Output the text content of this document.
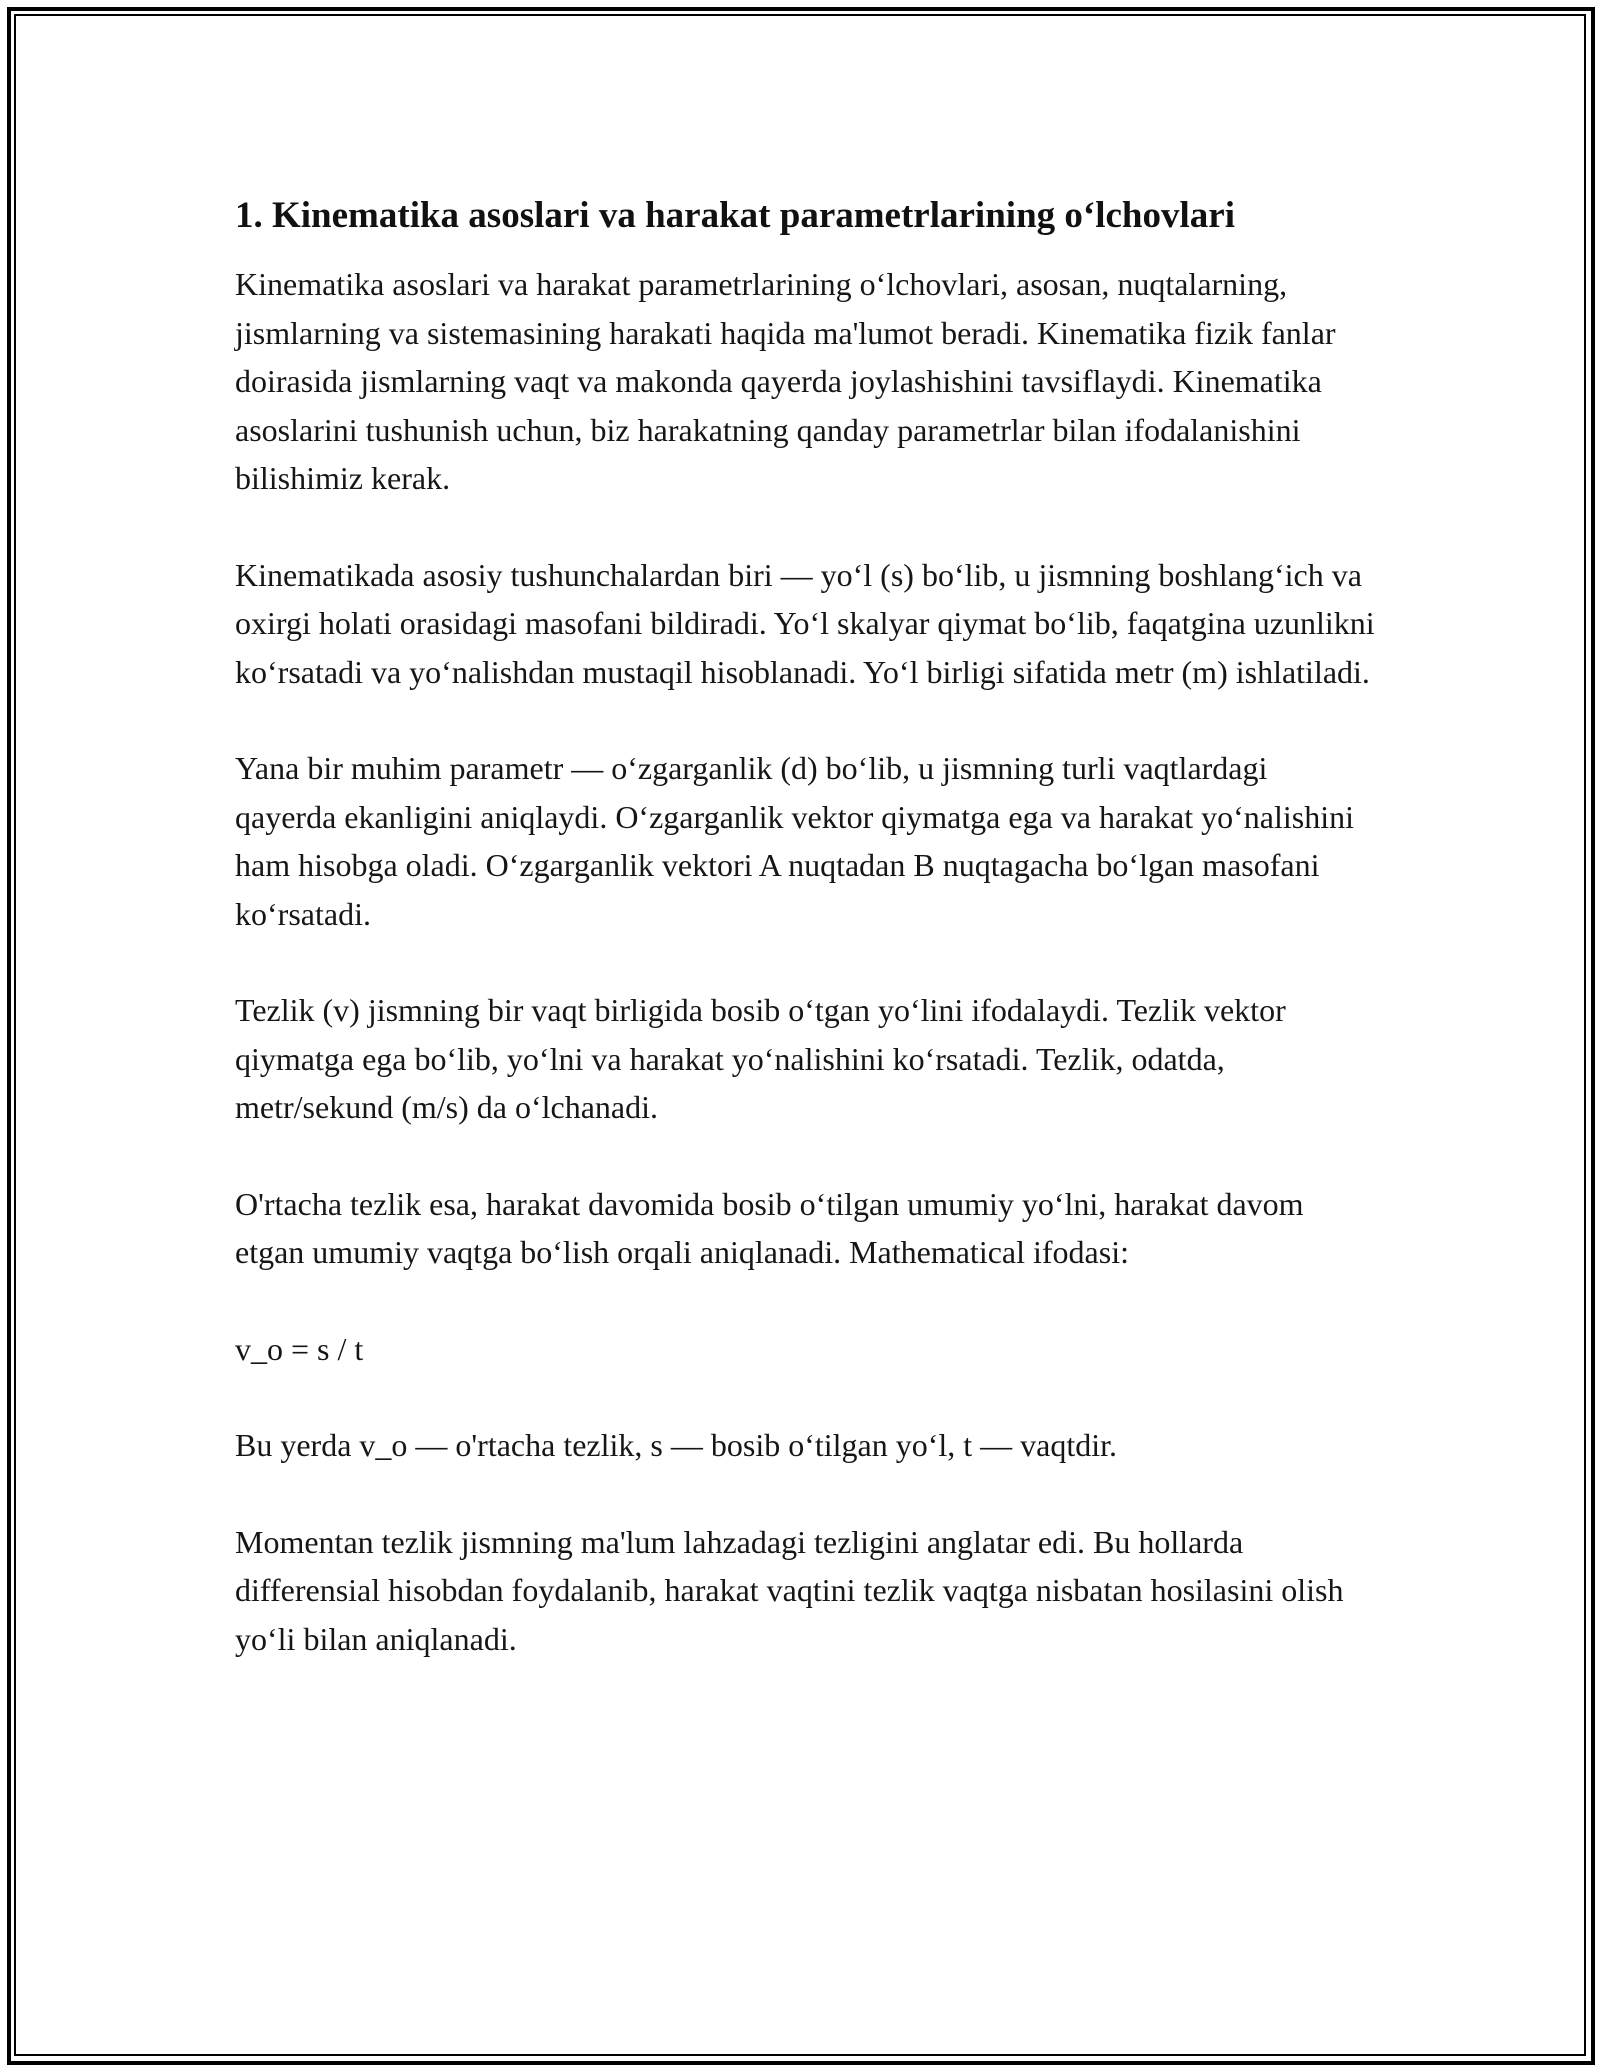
1. Kinematika asoslari va harakat parametrlarining o‘lchovlari

Kinematika asoslari va harakat parametrlarining o‘lchovlari, asosan, nuqtalarning, jismlarning va sistemasining harakati haqida ma'lumot beradi. Kinematika fizik fanlar doirasida jismlarning vaqt va makonda qayerda joylashishini tavsiflaydi. Kinematika asoslarini tushunish uchun, biz harakatning qanday parametrlar bilan ifodalanishini bilishimiz kerak.

Kinematikada asosiy tushunchalardan biri — yo‘l (s) bo‘lib, u jismning boshlang‘ich va oxirgi holati orasidagi masofani bildiradi. Yo‘l skalyar qiymat bo‘lib, faqatgina uzunlikni ko‘rsatadi va yo‘nalishdan mustaqil hisoblanadi. Yo‘l birligi sifatida metr (m) ishlatiladi.

Yana bir muhim parametr — o‘zgarganlik (d) bo‘lib, u jismning turli vaqtlardagi qayerda ekanligini aniqlaydi. O‘zgarganlik vektor qiymatga ega va harakat yo‘nalishini ham hisobga oladi. O‘zgarganlik vektori A nuqtadan B nuqtagacha bo‘lgan masofani ko‘rsatadi.

Tezlik (v) jismning bir vaqt birligida bosib o‘tgan yo‘lini ifodalaydi. Tezlik vektor qiymatga ega bo‘lib, yo‘lni va harakat yo‘nalishini ko‘rsatadi. Tezlik, odatda, metr/sekund (m/s) da o‘lchanadi.

O'rtacha tezlik esa, harakat davomida bosib o‘tilgan umumiy yo‘lni, harakat davom etgan umumiy vaqtga bo‘lish orqali aniqlanadi. Mathematical ifodasi:

v_o = s / t

Bu yerda v_o — o'rtacha tezlik, s — bosib o‘tilgan yo‘l, t — vaqtdir.

Momentan tezlik jismning ma'lum lahzadagi tezligini anglatar edi. Bu hollarda differensial hisobdan foydalanib, harakat vaqtini tezlik vaqtga nisbatan hosilasini olish yo‘li bilan aniqlanadi.
